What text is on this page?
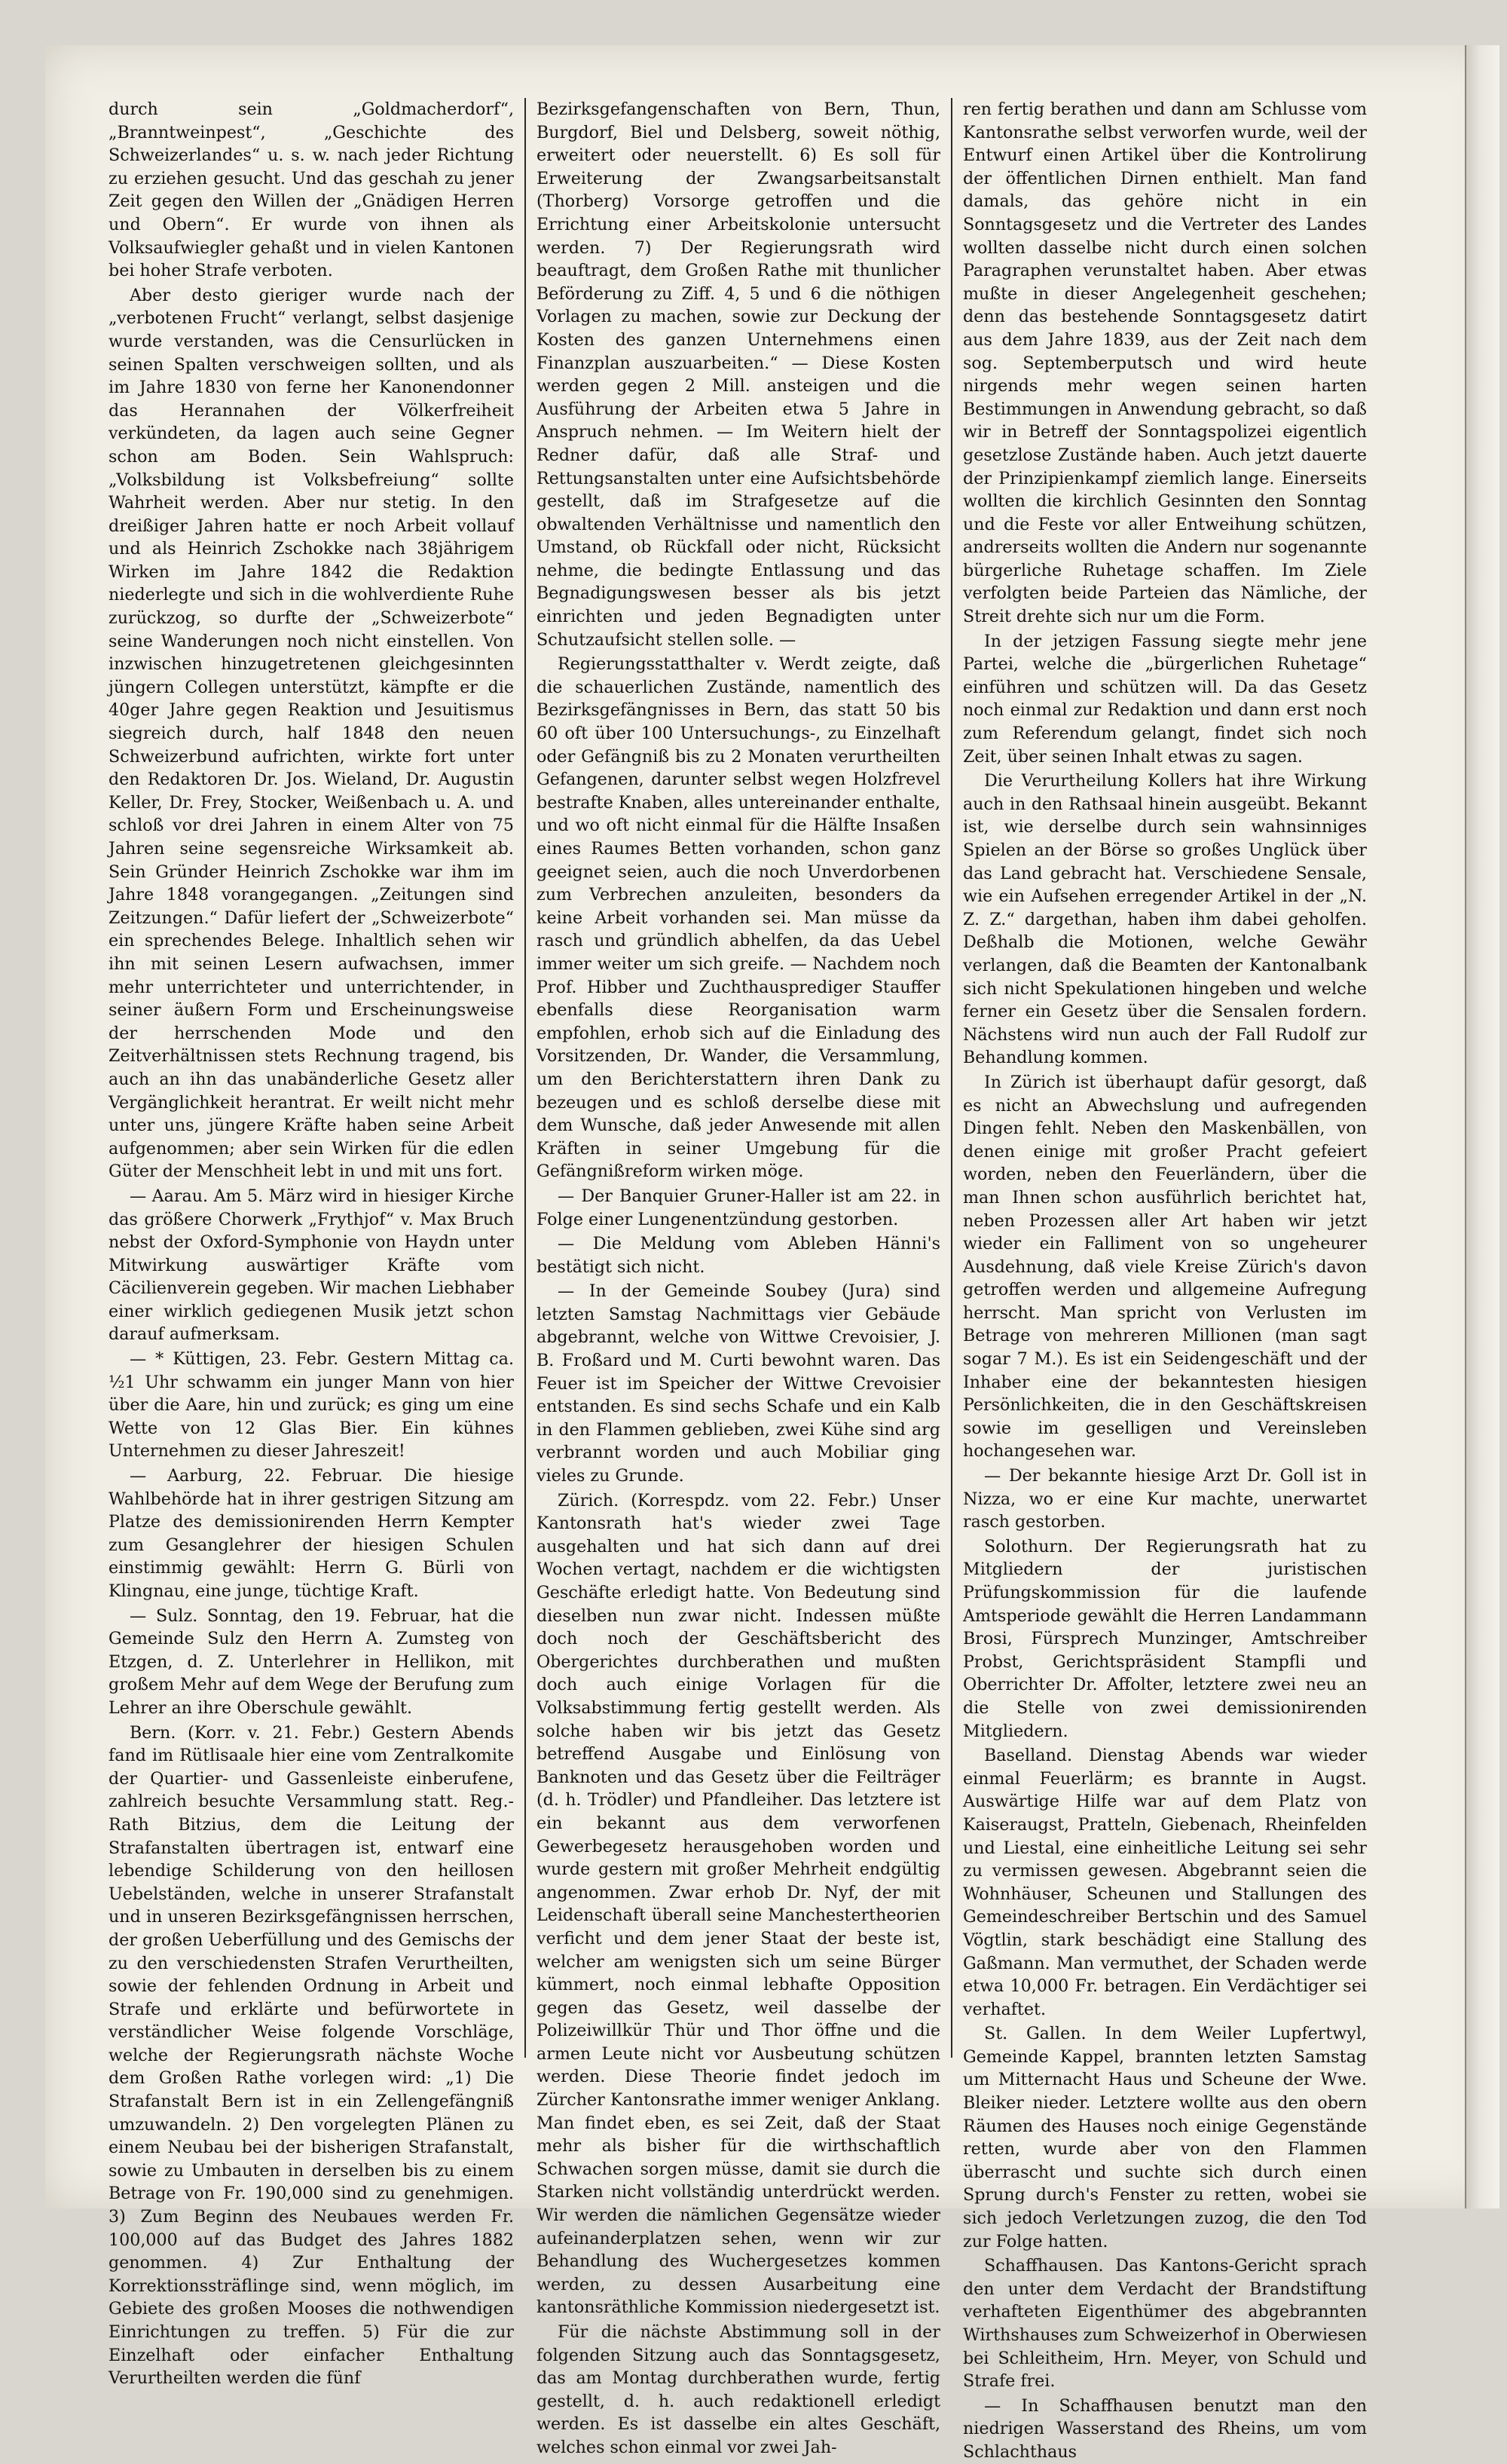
durch sein „Goldmacherdorf“, „Branntweinpest“, „Geschichte des Schweizerlandes“ u. s. w. nach jeder Richtung zu erziehen gesucht. Und das geschah zu jener Zeit gegen den Willen der „Gnädigen Herren und Obern“. Er wurde von ihnen als Volksaufwiegler gehaßt und in vielen Kantonen bei hoher Strafe verboten.

Aber desto gieriger wurde nach der „verbotenen Frucht“ verlangt, selbst dasjenige wurde verstanden, was die Censurlücken in seinen Spalten verschweigen sollten, und als im Jahre 1830 von ferne her Kanonendonner das Herannahen der Völkerfreiheit verkündeten, da lagen auch seine Gegner schon am Boden. Sein Wahlspruch: „Volksbildung ist Volksbefreiung“ sollte Wahrheit werden. Aber nur stetig. In den dreißiger Jahren hatte er noch Arbeit vollauf und als Heinrich Zschokke nach 38jährigem Wirken im Jahre 1842 die Redaktion niederlegte und sich in die wohlverdiente Ruhe zurückzog, so durfte der „Schweizerbote“ seine Wanderungen noch nicht einstellen. Von inzwischen hinzugetretenen gleichgesinnten jüngern Collegen unterstützt, kämpfte er die 40ger Jahre gegen Reaktion und Jesuitismus siegreich durch, half 1848 den neuen Schweizerbund aufrichten, wirkte fort unter den Redaktoren Dr. Jos. Wieland, Dr. Augustin Keller, Dr. Frey, Stocker, Weißenbach u. A. und schloß vor drei Jahren in einem Alter von 75 Jahren seine segensreiche Wirksamkeit ab. Sein Gründer Heinrich Zschokke war ihm im Jahre 1848 vorangegangen. „Zeitungen sind Zeitzungen.“ Dafür liefert der „Schweizerbote“ ein sprechendes Belege. Inhaltlich sehen wir ihn mit seinen Lesern aufwachsen, immer mehr unterrichteter und unterrichtender, in seiner äußern Form und Erscheinungsweise der herrschenden Mode und den Zeitverhältnissen stets Rechnung tragend, bis auch an ihn das unabänderliche Gesetz aller Vergänglichkeit herantrat. Er weilt nicht mehr unter uns, jüngere Kräfte haben seine Arbeit aufgenommen; aber sein Wirken für die edlen Güter der Menschheit lebt in und mit uns fort.

— Aarau. Am 5. März wird in hiesiger Kirche das größere Chorwerk „Frythjof“ v. Max Bruch nebst der Oxford-Symphonie von Haydn unter Mitwirkung auswärtiger Kräfte vom Cäcilienverein gegeben. Wir machen Liebhaber einer wirklich gediegenen Musik jetzt schon darauf aufmerksam.

— * Küttigen, 23. Febr. Gestern Mittag ca. ½1 Uhr schwamm ein junger Mann von hier über die Aare, hin und zurück; es ging um eine Wette von 12 Glas Bier. Ein kühnes Unternehmen zu dieser Jahreszeit!

— Aarburg, 22. Februar. Die hiesige Wahlbehörde hat in ihrer gestrigen Sitzung am Platze des demissionirenden Herrn Kempter zum Gesanglehrer der hiesigen Schulen einstimmig gewählt: Herrn G. Bürli von Klingnau, eine junge, tüchtige Kraft.

— Sulz. Sonntag, den 19. Februar, hat die Gemeinde Sulz den Herrn A. Zumsteg von Etzgen, d. Z. Unterlehrer in Hellikon, mit großem Mehr auf dem Wege der Berufung zum Lehrer an ihre Oberschule gewählt.

Bern. (Korr. v. 21. Febr.) Gestern Abends fand im Rütlisaale hier eine vom Zentralkomite der Quartier- und Gassenleiste einberufene, zahlreich besuchte Versammlung statt. Reg.-Rath Bitzius, dem die Leitung der Strafanstalten übertragen ist, entwarf eine lebendige Schilderung von den heillosen Uebelständen, welche in unserer Strafanstalt und in unseren Bezirksgefängnissen herrschen, der großen Ueberfüllung und des Gemischs der zu den verschiedensten Strafen Verurtheilten, sowie der fehlenden Ordnung in Arbeit und Strafe und erklärte und befürwortete in verständlicher Weise folgende Vorschläge, welche der Regierungsrath nächste Woche dem Großen Rathe vorlegen wird: „1) Die Strafanstalt Bern ist in ein Zellengefängniß umzuwandeln. 2) Den vorgelegten Plänen zu einem Neubau bei der bisherigen Strafanstalt, sowie zu Umbauten in derselben bis zu einem Betrage von Fr. 190,000 sind zu genehmigen. 3) Zum Beginn des Neubaues werden Fr. 100,000 auf das Budget des Jahres 1882 genommen. 4) Zur Enthaltung der Korrektionssträflinge sind, wenn möglich, im Gebiete des großen Mooses die nothwendigen Einrichtungen zu treffen. 5) Für die zur Einzelhaft oder einfacher Enthaltung Verurtheilten werden die fünf

Bezirksgefangenschaften von Bern, Thun, Burgdorf, Biel und Delsberg, soweit nöthig, erweitert oder neuerstellt. 6) Es soll für Erweiterung der Zwangsarbeitsanstalt (Thorberg) Vorsorge getroffen und die Errichtung einer Arbeitskolonie untersucht werden. 7) Der Regierungsrath wird beauftragt, dem Großen Rathe mit thunlicher Beförderung zu Ziff. 4, 5 und 6 die nöthigen Vorlagen zu machen, sowie zur Deckung der Kosten des ganzen Unternehmens einen Finanzplan auszuarbeiten.“ — Diese Kosten werden gegen 2 Mill. ansteigen und die Ausführung der Arbeiten etwa 5 Jahre in Anspruch nehmen. — Im Weitern hielt der Redner dafür, daß alle Straf- und Rettungsanstalten unter eine Aufsichtsbehörde gestellt, daß im Strafgesetze auf die obwaltenden Verhältnisse und namentlich den Umstand, ob Rückfall oder nicht, Rücksicht nehme, die bedingte Entlassung und das Begnadigungswesen besser als bis jetzt einrichten und jeden Begnadigten unter Schutzaufsicht stellen solle. —

Regierungsstatthalter v. Werdt zeigte, daß die schauerlichen Zustände, namentlich des Bezirksgefängnisses in Bern, das statt 50 bis 60 oft über 100 Untersuchungs-, zu Einzelhaft oder Gefängniß bis zu 2 Monaten verurtheilten Gefangenen, darunter selbst wegen Holzfrevel bestrafte Knaben, alles untereinander enthalte, und wo oft nicht einmal für die Hälfte Insaßen eines Raumes Betten vorhanden, schon ganz geeignet seien, auch die noch Unverdorbenen zum Verbrechen anzuleiten, besonders da keine Arbeit vorhanden sei. Man müsse da rasch und gründlich abhelfen, da das Uebel immer weiter um sich greife. — Nachdem noch Prof. Hibber und Zuchthausprediger Stauffer ebenfalls diese Reorganisation warm empfohlen, erhob sich auf die Einladung des Vorsitzenden, Dr. Wander, die Versammlung, um den Berichterstattern ihren Dank zu bezeugen und es schloß derselbe diese mit dem Wunsche, daß jeder Anwesende mit allen Kräften in seiner Umgebung für die Gefängnißreform wirken möge.

— Der Banquier Gruner-Haller ist am 22. in Folge einer Lungenentzündung gestorben.

— Die Meldung vom Ableben Hänni's bestätigt sich nicht.

— In der Gemeinde Soubey (Jura) sind letzten Samstag Nachmittags vier Gebäude abgebrannt, welche von Wittwe Crevoisier, J. B. Froßard und M. Curti bewohnt waren. Das Feuer ist im Speicher der Wittwe Crevoisier entstanden. Es sind sechs Schafe und ein Kalb in den Flammen geblieben, zwei Kühe sind arg verbrannt worden und auch Mobiliar ging vieles zu Grunde.

Zürich. (Korrespdz. vom 22. Febr.) Unser Kantonsrath hat's wieder zwei Tage ausgehalten und hat sich dann auf drei Wochen vertagt, nachdem er die wichtigsten Geschäfte erledigt hatte. Von Bedeutung sind dieselben nun zwar nicht. Indessen müßte doch noch der Geschäftsbericht des Obergerichtes durchberathen und mußten doch auch einige Vorlagen für die Volksabstimmung fertig gestellt werden. Als solche haben wir bis jetzt das Gesetz betreffend Ausgabe und Einlösung von Banknoten und das Gesetz über die Feilträger (d. h. Trödler) und Pfandleiher. Das letztere ist ein bekannt aus dem verworfenen Gewerbegesetz herausgehoben worden und wurde gestern mit großer Mehrheit endgültig angenommen. Zwar erhob Dr. Nyf, der mit Leidenschaft überall seine Manchestertheorien verficht und dem jener Staat der beste ist, welcher am wenigsten sich um seine Bürger kümmert, noch einmal lebhafte Opposition gegen das Gesetz, weil dasselbe der Polizeiwillkür Thür und Thor öffne und die armen Leute nicht vor Ausbeutung schützen werden. Diese Theorie findet jedoch im Zürcher Kantonsrathe immer weniger Anklang. Man findet eben, es sei Zeit, daß der Staat mehr als bisher für die wirthschaftlich Schwachen sorgen müsse, damit sie durch die Starken nicht vollständig unterdrückt werden. Wir werden die nämlichen Gegensätze wieder aufeinanderplatzen sehen, wenn wir zur Behandlung des Wuchergesetzes kommen werden, zu dessen Ausarbeitung eine kantonsräthliche Kommission niedergesetzt ist.

Für die nächste Abstimmung soll in der folgenden Sitzung auch das Sonntagsgesetz, das am Montag durchberathen wurde, fertig gestellt, d. h. auch redaktionell erledigt werden. Es ist dasselbe ein altes Geschäft, welches schon einmal vor zwei Jah-

ren fertig berathen und dann am Schlusse vom Kantonsrathe selbst verworfen wurde, weil der Entwurf einen Artikel über die Kontrolirung der öffentlichen Dirnen enthielt. Man fand damals, das gehöre nicht in ein Sonntagsgesetz und die Vertreter des Landes wollten dasselbe nicht durch einen solchen Paragraphen verunstaltet haben. Aber etwas mußte in dieser Angelegenheit geschehen; denn das bestehende Sonntagsgesetz datirt aus dem Jahre 1839, aus der Zeit nach dem sog. Septemberputsch und wird heute nirgends mehr wegen seinen harten Bestimmungen in Anwendung gebracht, so daß wir in Betreff der Sonntagspolizei eigentlich gesetzlose Zustände haben. Auch jetzt dauerte der Prinzipienkampf ziemlich lange. Einerseits wollten die kirchlich Gesinnten den Sonntag und die Feste vor aller Entweihung schützen, andrerseits wollten die Andern nur sogenannte bürgerliche Ruhetage schaffen. Im Ziele verfolgten beide Parteien das Nämliche, der Streit drehte sich nur um die Form.

In der jetzigen Fassung siegte mehr jene Partei, welche die „bürgerlichen Ruhetage“ einführen und schützen will. Da das Gesetz noch einmal zur Redaktion und dann erst noch zum Referendum gelangt, findet sich noch Zeit, über seinen Inhalt etwas zu sagen.

Die Verurtheilung Kollers hat ihre Wirkung auch in den Rathsaal hinein ausgeübt. Bekannt ist, wie derselbe durch sein wahnsinniges Spielen an der Börse so großes Unglück über das Land gebracht hat. Verschiedene Sensale, wie ein Aufsehen erregender Artikel in der „N. Z. Z.“ dargethan, haben ihm dabei geholfen. Deßhalb die Motionen, welche Gewähr verlangen, daß die Beamten der Kantonalbank sich nicht Spekulationen hingeben und welche ferner ein Gesetz über die Sensalen fordern. Nächstens wird nun auch der Fall Rudolf zur Behandlung kommen.

In Zürich ist überhaupt dafür gesorgt, daß es nicht an Abwechslung und aufregenden Dingen fehlt. Neben den Maskenbällen, von denen einige mit großer Pracht gefeiert worden, neben den Feuerländern, über die man Ihnen schon ausführlich berichtet hat, neben Prozessen aller Art haben wir jetzt wieder ein Falliment von so ungeheurer Ausdehnung, daß viele Kreise Zürich's davon getroffen werden und allgemeine Aufregung herrscht. Man spricht von Verlusten im Betrage von mehreren Millionen (man sagt sogar 7 M.). Es ist ein Seidengeschäft und der Inhaber eine der bekanntesten hiesigen Persönlichkeiten, die in den Geschäftskreisen sowie im geselligen und Vereinsleben hochangesehen war.

— Der bekannte hiesige Arzt Dr. Goll ist in Nizza, wo er eine Kur machte, unerwartet rasch gestorben.

Solothurn. Der Regierungsrath hat zu Mitgliedern der juristischen Prüfungskommission für die laufende Amtsperiode gewählt die Herren Landammann Brosi, Fürsprech Munzinger, Amtschreiber Probst, Gerichtspräsident Stampfli und Oberrichter Dr. Affolter, letztere zwei neu an die Stelle von zwei demissionirenden Mitgliedern.

Baselland. Dienstag Abends war wieder einmal Feuerlärm; es brannte in Augst. Auswärtige Hilfe war auf dem Platz von Kaiseraugst, Pratteln, Giebenach, Rheinfelden und Liestal, eine einheitliche Leitung sei sehr zu vermissen gewesen. Abgebrannt seien die Wohnhäuser, Scheunen und Stallungen des Gemeindeschreiber Bertschin und des Samuel Vögtlin, stark beschädigt eine Stallung des Gaßmann. Man vermuthet, der Schaden werde etwa 10,000 Fr. betragen. Ein Verdächtiger sei verhaftet.

St. Gallen. In dem Weiler Lupfertwyl, Gemeinde Kappel, brannten letzten Samstag um Mitternacht Haus und Scheune der Wwe. Bleiker nieder. Letztere wollte aus den obern Räumen des Hauses noch einige Gegenstände retten, wurde aber von den Flammen überrascht und suchte sich durch einen Sprung durch's Fenster zu retten, wobei sie sich jedoch Verletzungen zuzog, die den Tod zur Folge hatten.

Schaffhausen. Das Kantons-Gericht sprach den unter dem Verdacht der Brandstiftung verhafteten Eigenthümer des abgebrannten Wirthshauses zum Schweizerhof in Oberwiesen bei Schleitheim, Hrn. Meyer, von Schuld und Strafe frei.

— In Schaffhausen benutzt man den niedrigen Wasserstand des Rheins, um vom Schlachthaus
